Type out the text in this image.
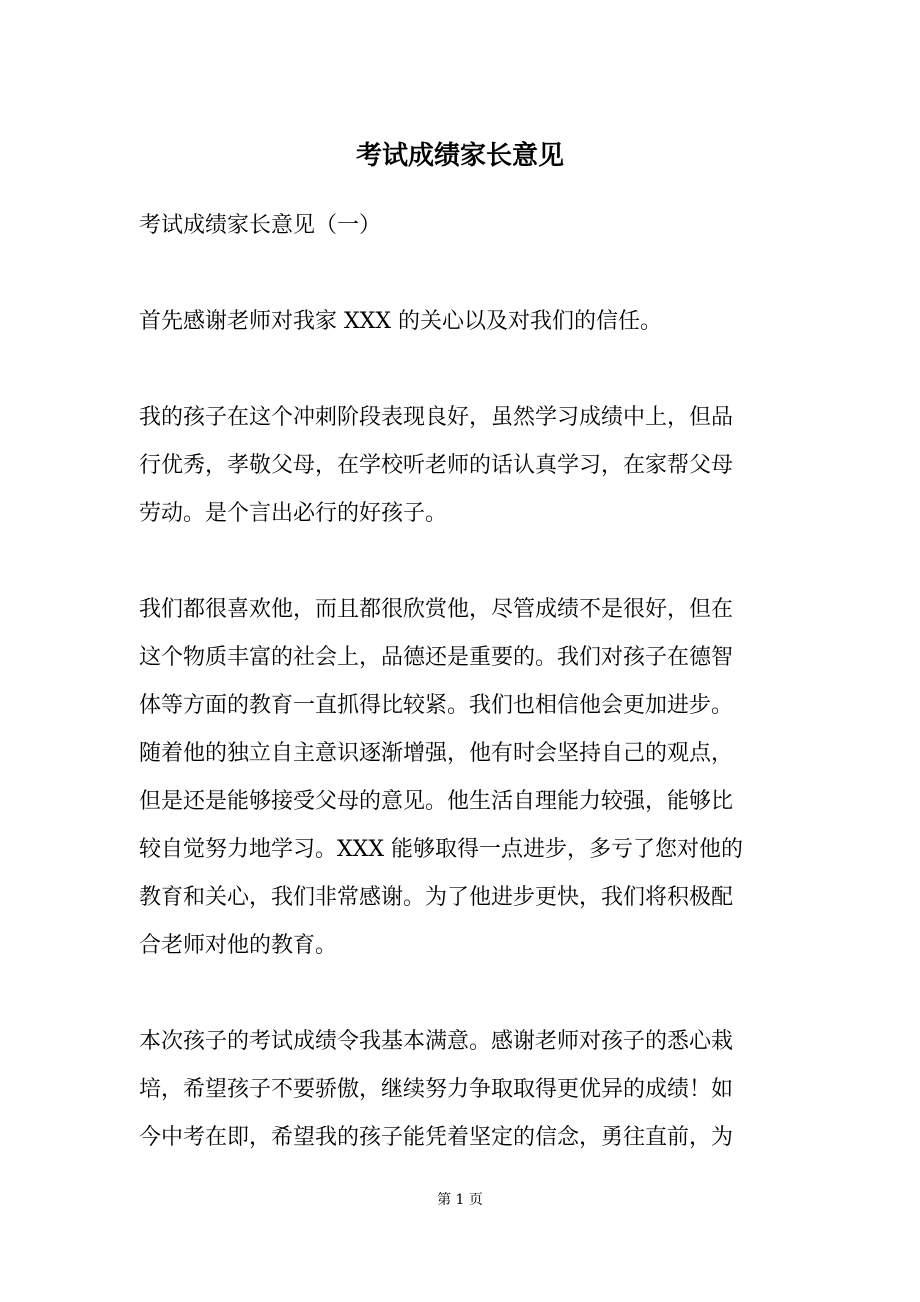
考试成绩家长意见

考试成绩家长意见（一）

首先感谢老师对我家 XXX 的关心以及对我们的信任。

我的孩子在这个冲刺阶段表现良好，虽然学习成绩中上，但品
行优秀，孝敬父母，在学校听老师的话认真学习，在家帮父母
劳动。是个言出必行的好孩子。

我们都很喜欢他，而且都很欣赏他，尽管成绩不是很好，但在
这个物质丰富的社会上，品德还是重要的。我们对孩子在德智
体等方面的教育一直抓得比较紧。我们也相信他会更加进步。
随着他的独立自主意识逐渐增强，他有时会坚持自己的观点，
但是还是能够接受父母的意见。他生活自理能力较强，能够比
较自觉努力地学习。XXX 能够取得一点进步，多亏了您对他的
教育和关心，我们非常感谢。为了他进步更快，我们将积极配
合老师对他的教育。

本次孩子的考试成绩令我基本满意。感谢老师对孩子的悉心栽
培，希望孩子不要骄傲，继续努力争取取得更优异的成绩！如
今中考在即，希望我的孩子能凭着坚定的信念，勇往直前，为

第 1 页
